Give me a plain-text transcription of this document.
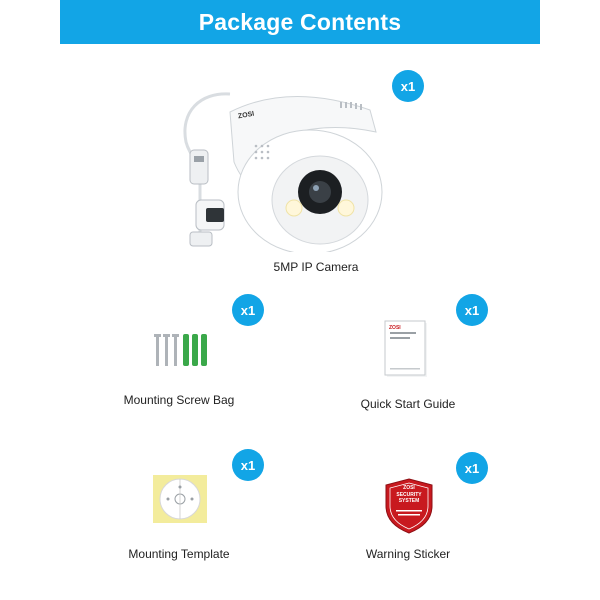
Package Contents
x1
ZOSI
5MP IP Camera
x1
Mounting Screw Bag
x1
ZOSI
Quick Start Guide
x1
Mounting Template
x1
ZOSI
SECURITY SYSTEM
Warning Sticker
